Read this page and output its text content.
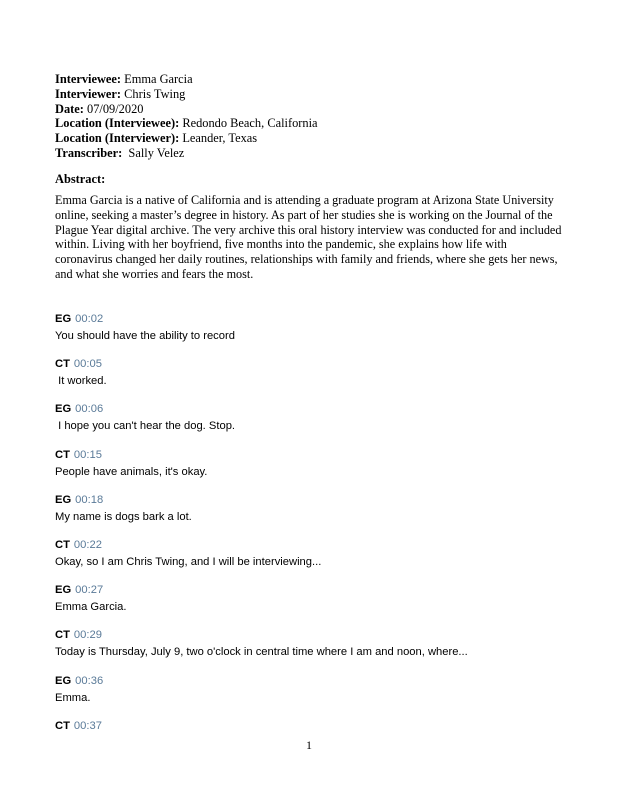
Interviewee: Emma Garcia
Interviewer: Chris Twing
Date: 07/09/2020
Location (Interviewee): Redondo Beach, California
Location (Interviewer): Leander, Texas
Transcriber: Sally Velez
Abstract:
Emma Garcia is a native of California and is attending a graduate program at Arizona State University online, seeking a master’s degree in history. As part of her studies she is working on the Journal of the Plague Year digital archive. The very archive this oral history interview was conducted for and included within. Living with her boyfriend, five months into the pandemic, she explains how life with coronavirus changed her daily routines, relationships with family and friends, where she gets her news, and what she worries and fears the most.
EG 00:02
You should have the ability to record
CT 00:05
It worked.
EG 00:06
I hope you can't hear the dog. Stop.
CT 00:15
People have animals, it's okay.
EG 00:18
My name is dogs bark a lot.
CT 00:22
Okay, so I am Chris Twing, and I will be interviewing...
EG 00:27
Emma Garcia.
CT 00:29
Today is Thursday, July 9, two o'clock in central time where I am and noon, where...
EG 00:36
Emma.
CT 00:37
1
